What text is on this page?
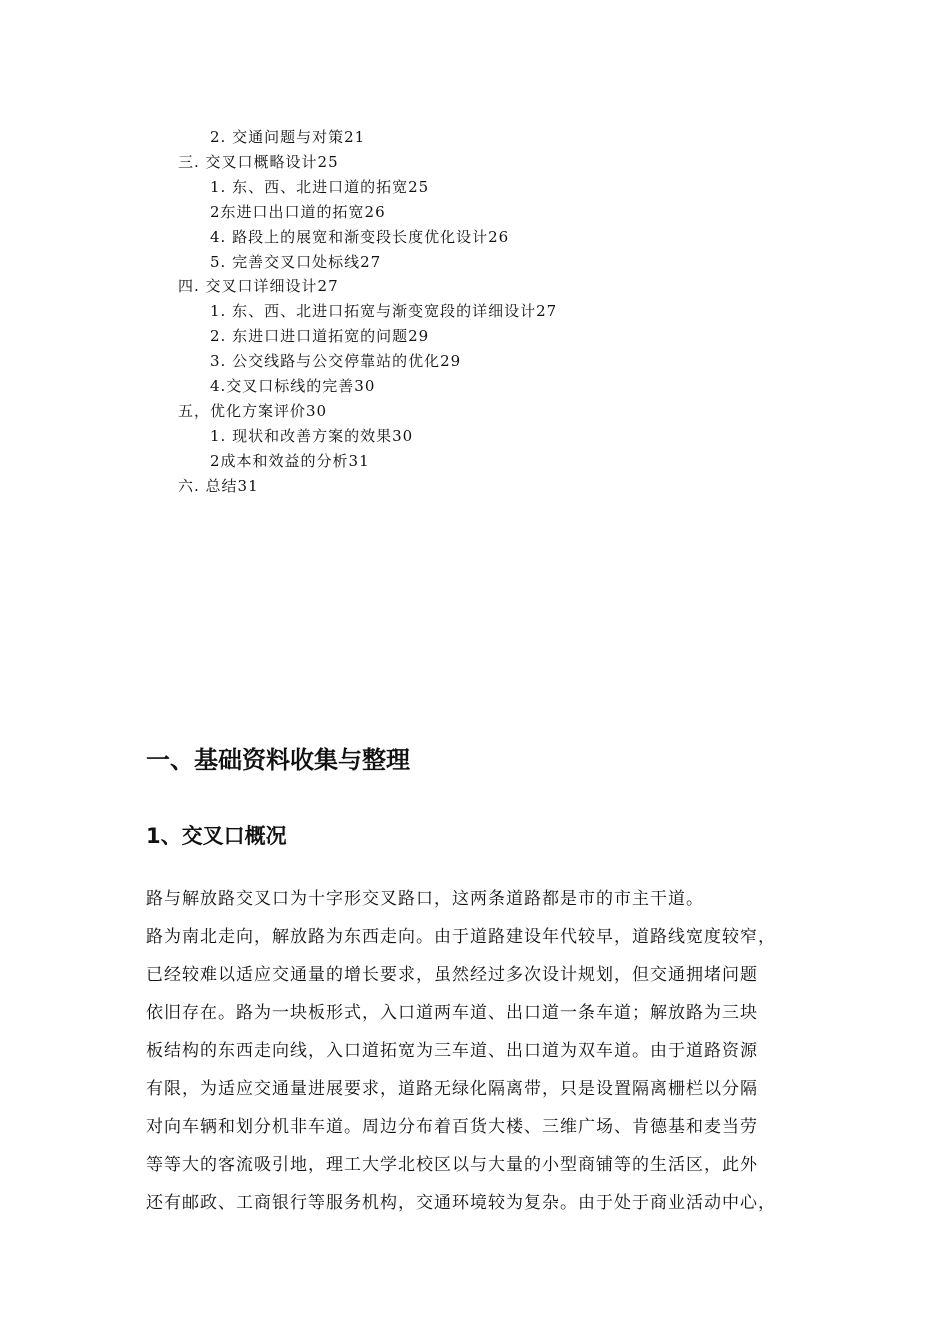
2. 交通问题与对策21
三. 交叉口概略设计25
1. 东、西、北进口道的拓宽25
2东进口出口道的拓宽26
4. 路段上的展宽和渐变段长度优化设计26
5. 完善交叉口处标线27
四. 交叉口详细设计27
1. 东、西、北进口拓宽与渐变宽段的详细设计27
2. 东进口进口道拓宽的问题29
3. 公交线路与公交停靠站的优化29
4.交叉口标线的完善30
五，优化方案评价30
1. 现状和改善方案的效果30
2成本和效益的分析31
六. 总结31
一、基础资料收集与整理
1、交叉口概况
路与解放路交叉口为十字形交叉路口，这两条道路都是市的市主干道。
路为南北走向，解放路为东西走向。由于道路建设年代较早，道路线宽度较窄，
已经较难以适应交通量的增长要求，虽然经过多次设计规划，但交通拥堵问题
依旧存在。路为一块板形式，入口道两车道、出口道一条车道；解放路为三块
板结构的东西走向线，入口道拓宽为三车道、出口道为双车道。由于道路资源
有限，为适应交通量进展要求，道路无绿化隔离带，只是设置隔离栅栏以分隔
对向车辆和划分机非车道。周边分布着百货大楼、三维广场、肯德基和麦当劳
等等大的客流吸引地，理工大学北校区以与大量的小型商铺等的生活区，此外
还有邮政、工商银行等服务机构，交通环境较为复杂。由于处于商业活动中心，
